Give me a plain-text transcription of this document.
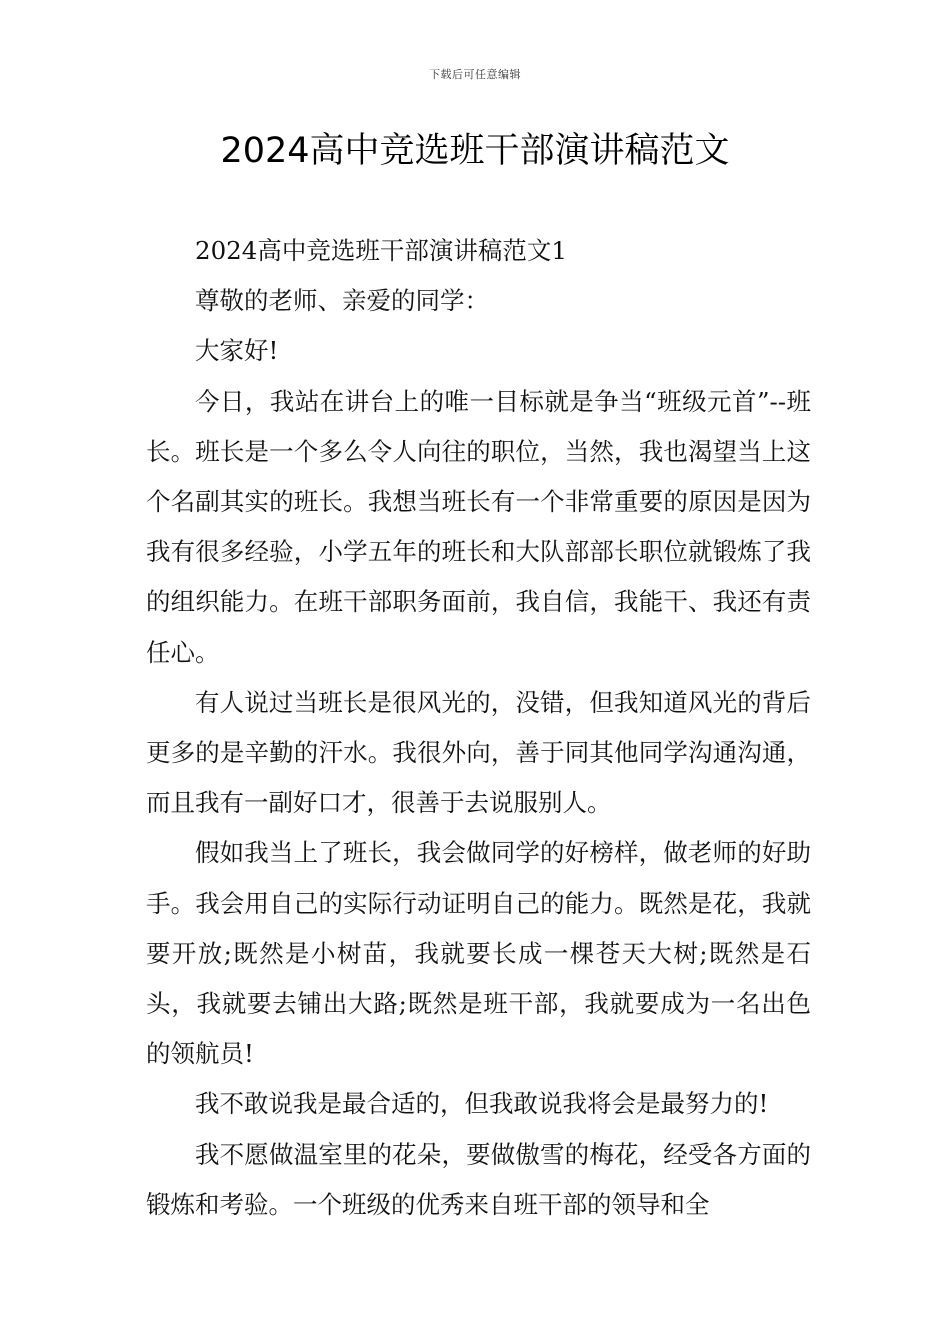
下载后可任意编辑
2024高中竞选班干部演讲稿范文

2024高中竞选班干部演讲稿范文1

尊敬的老师、亲爱的同学：

大家好!

今日，我站在讲台上的唯一目标就是争当“班级元首”--班长。班长是一个多么令人向往的职位，当然，我也渴望当上这个名副其实的班长。我想当班长有一个非常重要的原因是因为我有很多经验，小学五年的班长和大队部部长职位就锻炼了我的组织能力。在班干部职务面前，我自信，我能干、我还有责任心。

有人说过当班长是很风光的，没错，但我知道风光的背后更多的是辛勤的汗水。我很外向，善于同其他同学沟通沟通，而且我有一副好口才，很善于去说服别人。

假如我当上了班长，我会做同学的好榜样，做老师的好助手。我会用自己的实际行动证明自己的能力。既然是花，我就要开放;既然是小树苗，我就要长成一棵苍天大树;既然是石头，我就要去铺出大路;既然是班干部，我就要成为一名出色的领航员!

我不敢说我是最合适的，但我敢说我将会是最努力的!

我不愿做温室里的花朵，要做傲雪的梅花，经受各方面的锻炼和考验。一个班级的优秀来自班干部的领导和全
